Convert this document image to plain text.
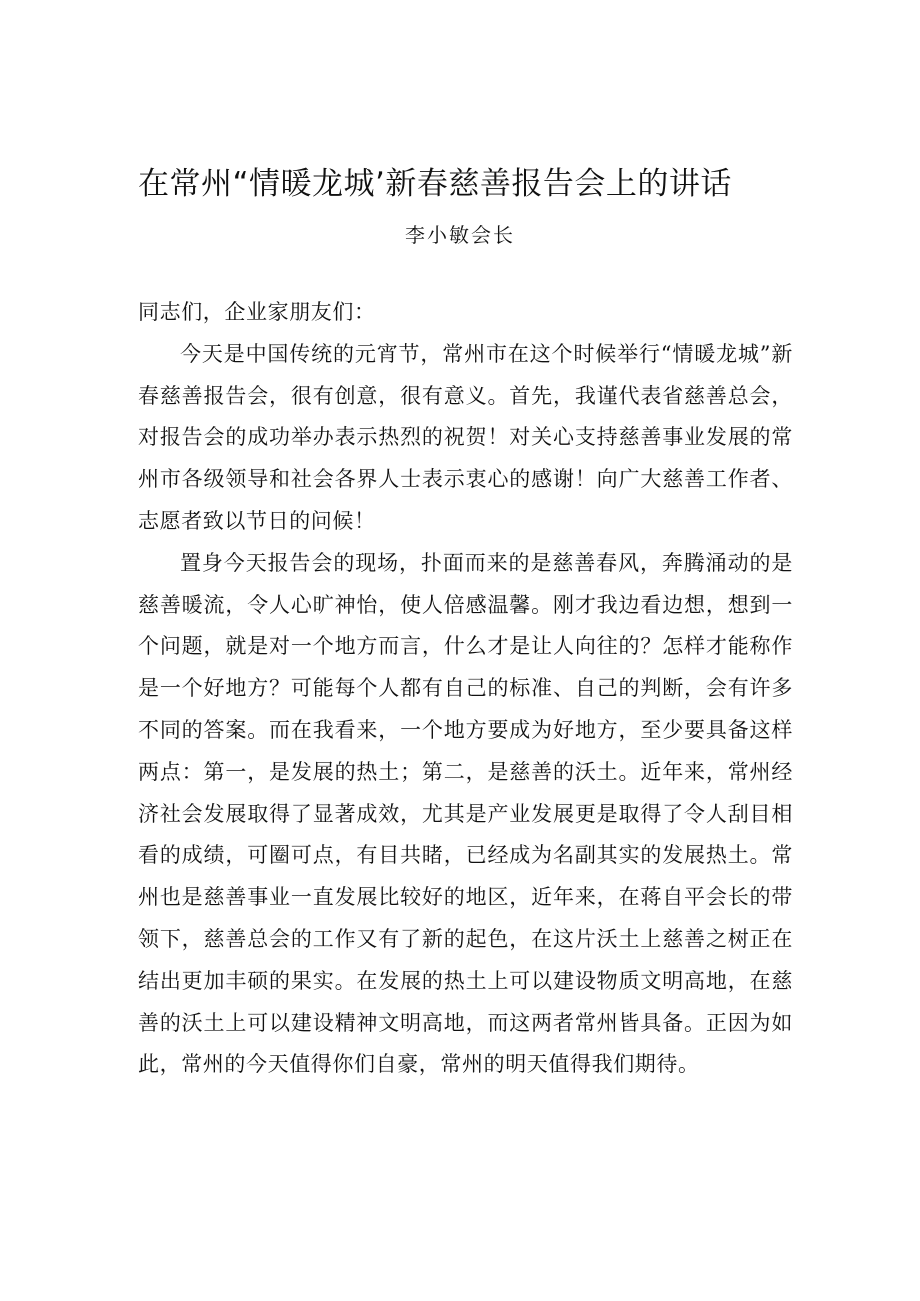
在常州“情暖龙城’新春慈善报告会上的讲话
李小敏会长

同志们，企业家朋友们：

今天是中国传统的元宵节，常州市在这个时候举行“情暖龙城”新春慈善报告会，很有创意，很有意义。首先，我谨代表省慈善总会，对报告会的成功举办表示热烈的祝贺！对关心支持慈善事业发展的常州市各级领导和社会各界人士表示衷心的感谢！向广大慈善工作者、志愿者致以节日的问候！

置身今天报告会的现场，扑面而来的是慈善春风，奔腾涌动的是慈善暖流，令人心旷神怡，使人倍感温馨。刚才我边看边想，想到一个问题，就是对一个地方而言，什么才是让人向往的？怎样才能称作是一个好地方？可能每个人都有自己的标准、自己的判断，会有许多不同的答案。而在我看来，一个地方要成为好地方，至少要具备这样两点：第一，是发展的热土；第二，是慈善的沃土。近年来，常州经济社会发展取得了显著成效，尤其是产业发展更是取得了令人刮目相看的成绩，可圈可点，有目共睹，已经成为名副其实的发展热土。常州也是慈善事业一直发展比较好的地区，近年来，在蒋自平会长的带领下，慈善总会的工作又有了新的起色，在这片沃土上慈善之树正在结出更加丰硕的果实。在发展的热土上可以建设物质文明高地，在慈善的沃土上可以建设精神文明高地，而这两者常州皆具备。正因为如此，常州的今天值得你们自豪，常州的明天值得我们期待。
